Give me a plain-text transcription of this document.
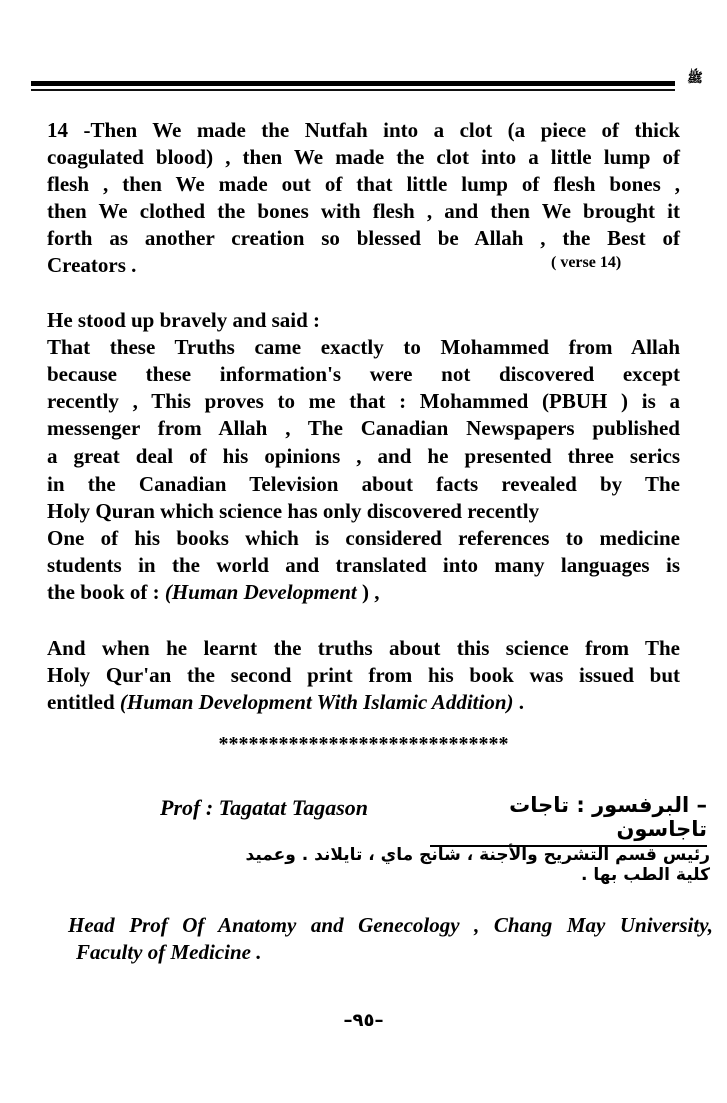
ﷺ
14 -Then We made the Nutfah into a clot (a piece of thick
coagulated blood) , then We made the clot into a little lump of
flesh , then We made out of that little lump of flesh bones ,
then We clothed the bones with flesh , and then We brought it
forth as another creation so blessed be Allah , the Best of
Creators .	( verse 14)
He stood up bravely and said :
That these Truths came exactly to Mohammed from Allah
because these information's were not discovered except
recently , This proves to me that : Mohammed (PBUH ) is a
messenger from Allah , The Canadian Newspapers published
a great deal of his opinions , and he presented three serics
in the Canadian Television about facts revealed by The
Holy Quran which science has only discovered recently
One of his books which is considered references to medicine
students in the world and translated into many languages is
the book of : (Human Development ) ,
And when he learnt the truths about this science from The
Holy Qur'an the second print from his book was issued but
entitled (Human Development With Islamic Addition) .
*****************************
Prof : Tagatat Tagason	– البرفسور : تاجات تاجاسون
رئيس قسم التشريح والأجنة ، شانج ماي ، تايلاند . وعميد كلية الطب بها .
Head Prof Of Anatomy and Genecology , Chang May University,
Faculty of Medicine .
–٩٥–
